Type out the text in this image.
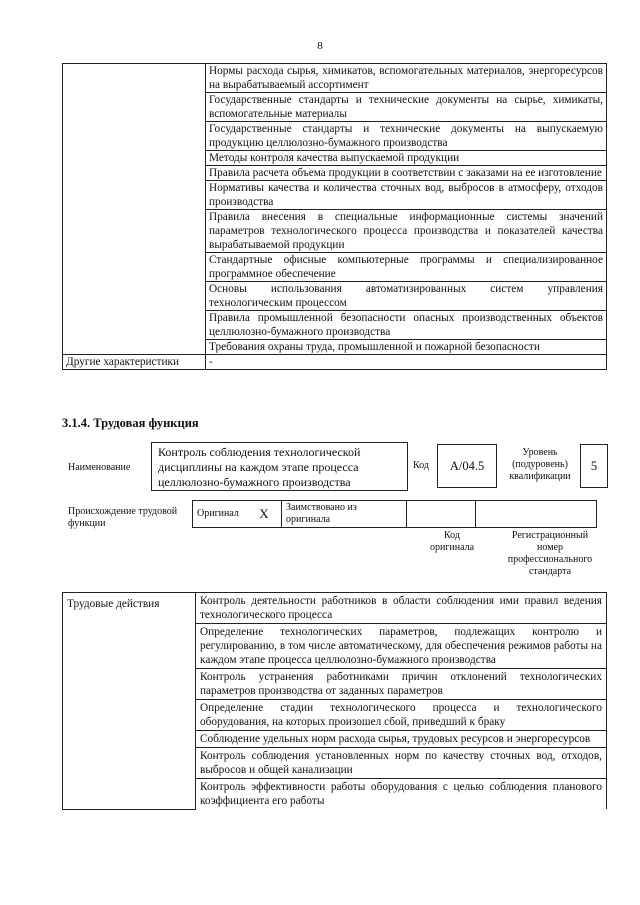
8
	Нормы расхода сырья, химикатов, вспомогательных материалов, энергоресурсов на вырабатываемый ассортимент
	Государственные стандарты и технические документы на сырье, химикаты, вспомогательные материалы
	Государственные стандарты и технические документы на выпускаемую продукцию целлюлозно-бумажного производства
	Методы контроля качества выпускаемой продукции
	Правила расчета объема продукции в соответствии с заказами на ее изготовление
	Нормативы качества и количества сточных вод, выбросов в атмосферу, отходов производства
	Правила внесения в специальные информационные системы значений параметров технологического процесса производства и показателей качества вырабатываемой продукции
	Стандартные офисные компьютерные программы и специализированное программное обеспечение
	Основы использования автоматизированных систем управления технологическим процессом
	Правила промышленной безопасности опасных производственных объектов целлюлозно-бумажного производства
	Требования охраны труда, промышленной и пожарной безопасности
Другие характеристики	-
3.1.4. Трудовая функция
Наименование
Контроль соблюдения технологической дисциплины на каждом этапе процесса целлюлозно-бумажного производства
Код	А/04.5
Уровень (подуровень) квалификации
5
Происхождение трудовой функции
Оригинал	X	Заимствовано из оригинала		
Код оригинала
Регистрационный номер профессионального стандарта
Трудовые действия	Контроль деятельности работников в области соблюдения ими правил ведения технологического процесса
Определение технологических параметров, подлежащих контролю и регулированию, в том числе автоматическому, для обеспечения режимов работы на каждом этапе процесса целлюлозно-бумажного производства
Контроль устранения работниками причин отклонений технологических параметров производства от заданных параметров
Определение стадии технологического процесса и технологического оборудования, на которых произошел сбой, приведший к браку
Соблюдение удельных норм расхода сырья, трудовых ресурсов и энергоресурсов
Контроль соблюдения установленных норм по качеству сточных вод, отходов, выбросов и общей канализации
Контроль эффективности работы оборудования с целью соблюдения планового коэффициента его работы
